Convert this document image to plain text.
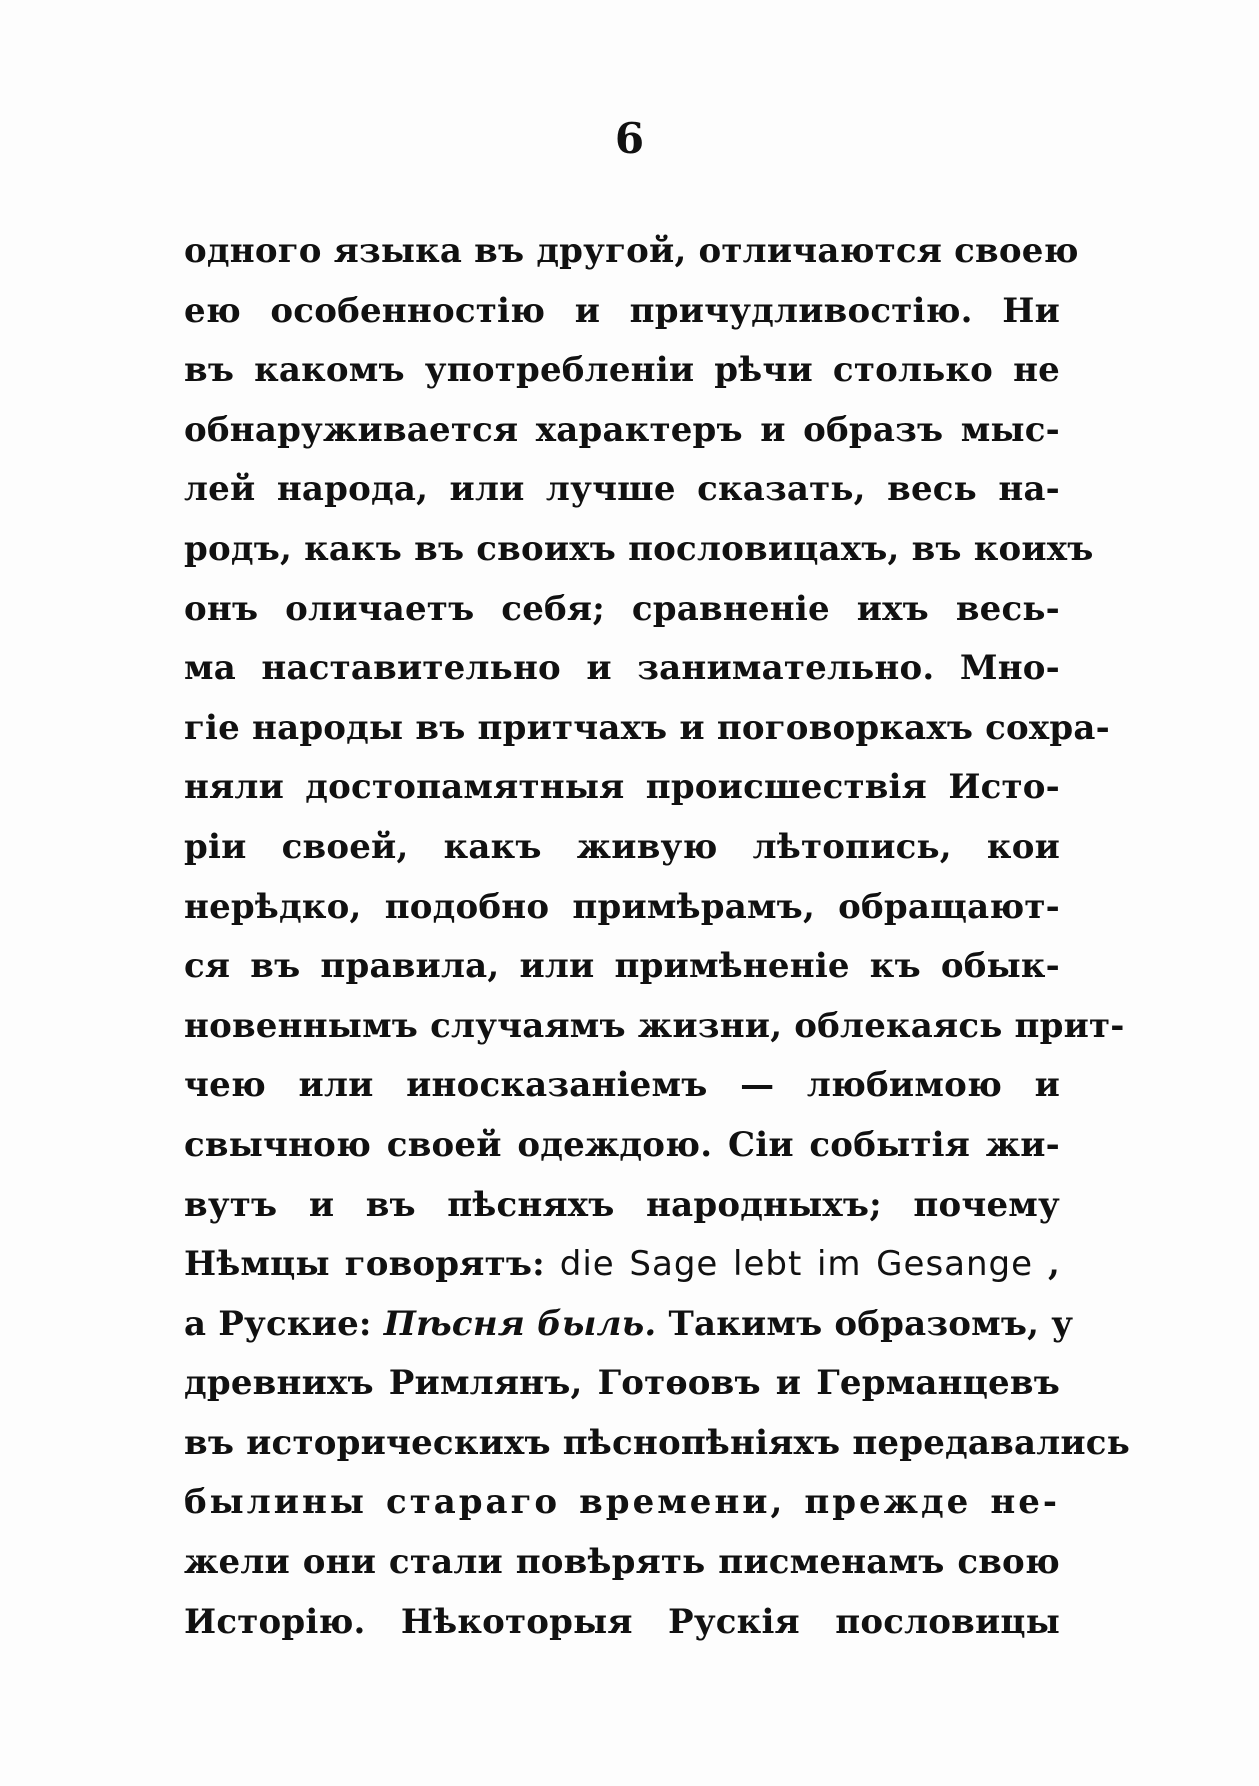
6
одного языка въ другой, отличаются своею
ею особенностію и причудливостію. Ни
въ какомъ употребленіи рѣчи столько не
обнаруживается характеръ и образъ мыс-
лей народа, или лучше сказать, весь на-
родъ, какъ въ своихъ пословицахъ, въ коихъ
онъ оличаетъ себя; сравненіе ихъ весь-
ма наставительно и занимательно. Мно-
гіе народы въ притчахъ и поговоркахъ сохра-
няли достопамятныя происшествія Исто-
ріи своей, какъ живую лѣтопись, кои
нерѣдко, подобно примѣрамъ, обращают-
ся въ правила, или примѣненіе къ обык-
новеннымъ случаямъ жизни, облекаясь прит-
чею или иносказаніемъ — любимою и
свычною своей одеждою. Сіи событія жи-
вутъ и въ пѣсняхъ народныхъ; почему
Нѣмцы говорятъ: die Sage lebt im Gesange ,
а Руские: Пѣсня быль. Такимъ образомъ, у
древнихъ Римлянъ, Готѳовъ и Германцевъ
въ историческихъ пѣснопѣніяхъ передавались
былины стараго времени, прежде не-
жели они стали повѣрять писменамъ свою
Исторію. Нѣкоторыя Рускія пословицы
